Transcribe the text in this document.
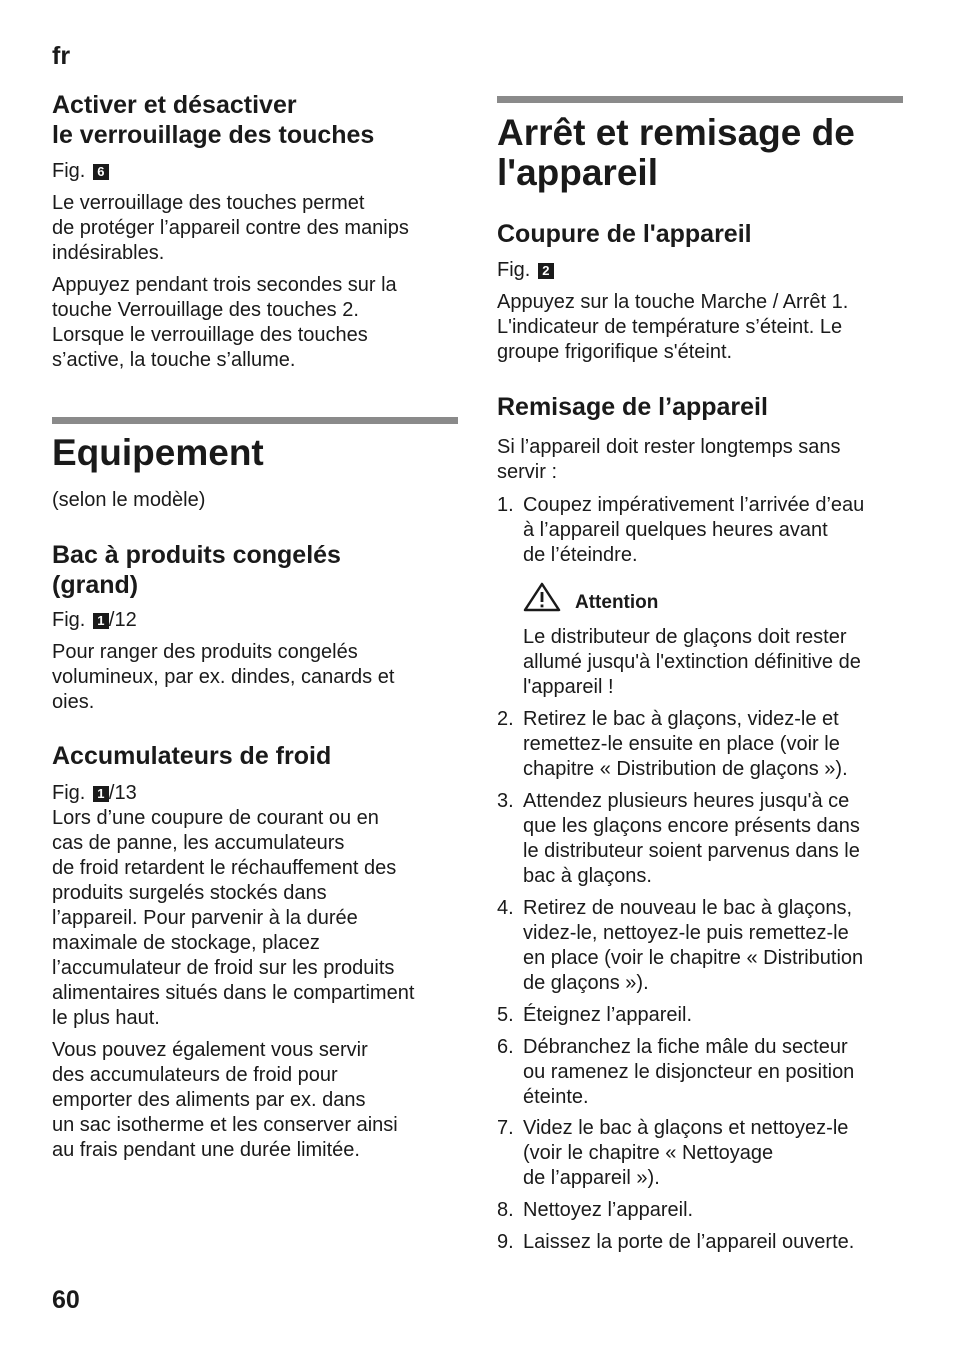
fr
60
Activer et désactiver
le verrouillage des touches
Fig. 6
Le verrouillage des touches permet
de protéger l’appareil contre des manips
indésirables.
Appuyez pendant trois secondes sur la
touche Verrouillage des touches 2.
Lorsque le verrouillage des touches
s’active, la touche s’allume.
Equipement
(selon le modèle)
Bac à produits congelés
(grand)
Fig. 1 /12
Pour ranger des produits congelés
volumineux, par ex. dindes, canards et
oies.
Accumulateurs de froid
Fig. 1 /13
Lors d’une coupure de courant ou en
cas de panne, les accumulateurs
de froid retardent le réchauffement des
produits surgelés stockés dans
l’appareil. Pour parvenir à la durée
maximale de stockage, placez
l’accumulateur de froid sur les produits
alimentaires situés dans le compartiment
le plus haut.
Vous pouvez également vous servir
des accumulateurs de froid pour
emporter des aliments par ex. dans
un sac isotherme et les conserver ainsi
au frais pendant une durée limitée.
Arrêt et remisage de
l'appareil
Coupure de l'appareil
Fig. 2
Appuyez sur la touche Marche / Arrêt 1.
L'indicateur de température s’éteint. Le
groupe frigorifique s'éteint.
Remisage de l’appareil
Si l’appareil doit rester longtemps sans
servir :
1. Coupez impérativement l’arrivée d’eau
à l’appareil quelques heures avant
de l’éteindre.
Attention
Le distributeur de glaçons doit rester
allumé jusqu'à l'extinction définitive de
l'appareil !
2. Retirez le bac à glaçons, videz-le et
remettez-le ensuite en place (voir le
chapitre « Distribution de glaçons »).
3. Attendez plusieurs heures jusqu'à ce
que les glaçons encore présents dans
le distributeur soient parvenus dans le
bac à glaçons.
4. Retirez de nouveau le bac à glaçons,
videz-le, nettoyez-le puis remettez-le
en place (voir le chapitre « Distribution
de glaçons »).
5. Éteignez l’appareil.
6. Débranchez la fiche mâle du secteur
ou ramenez le disjoncteur en position
éteinte.
7. Videz le bac à glaçons et nettoyez-le
(voir le chapitre « Nettoyage
de l’appareil »).
8. Nettoyez l’appareil.
9. Laissez la porte de l’appareil ouverte.
